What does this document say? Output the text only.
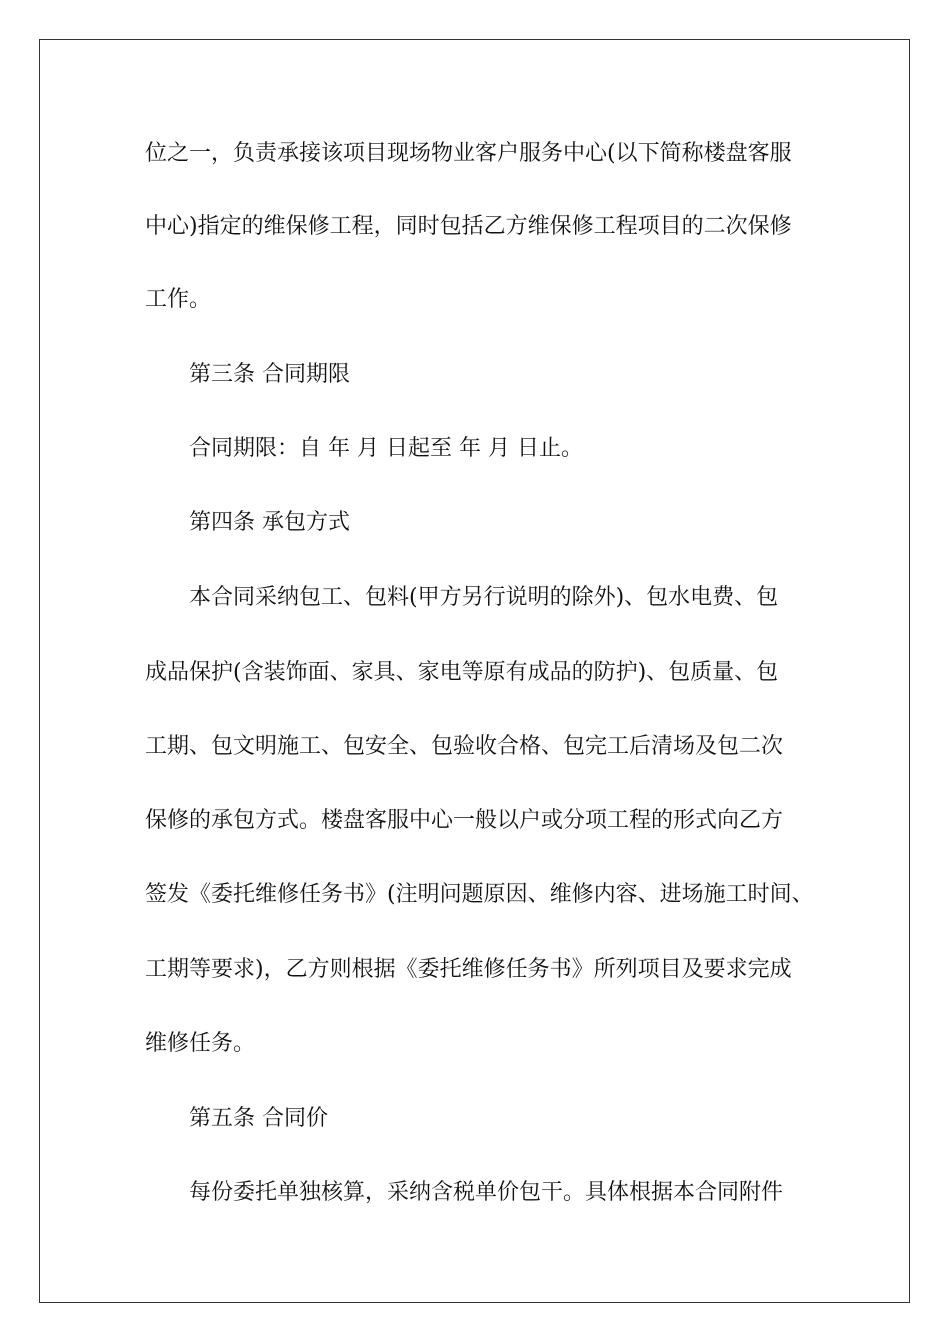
位之一，负责承接该项目现场物业客户服务中心(以下简称楼盘客服
中心)指定的维保修工程，同时包括乙方维保修工程项目的二次保修
工作。
第三条 合同期限
合同期限：自 年 月 日起至 年 月 日止。
第四条 承包方式
本合同采纳包工、包料(甲方另行说明的除外)、包水电费、包
成品保护(含装饰面、家具、家电等原有成品的防护)、包质量、包
工期、包文明施工、包安全、包验收合格、包完工后清场及包二次
保修的承包方式。楼盘客服中心一般以户或分项工程的形式向乙方
签发《委托维修任务书》(注明问题原因、维修内容、进场施工时间、
工期等要求)，乙方则根据《委托维修任务书》所列项目及要求完成
维修任务。
第五条 合同价
每份委托单独核算，采纳含税单价包干。具体根据本合同附件
